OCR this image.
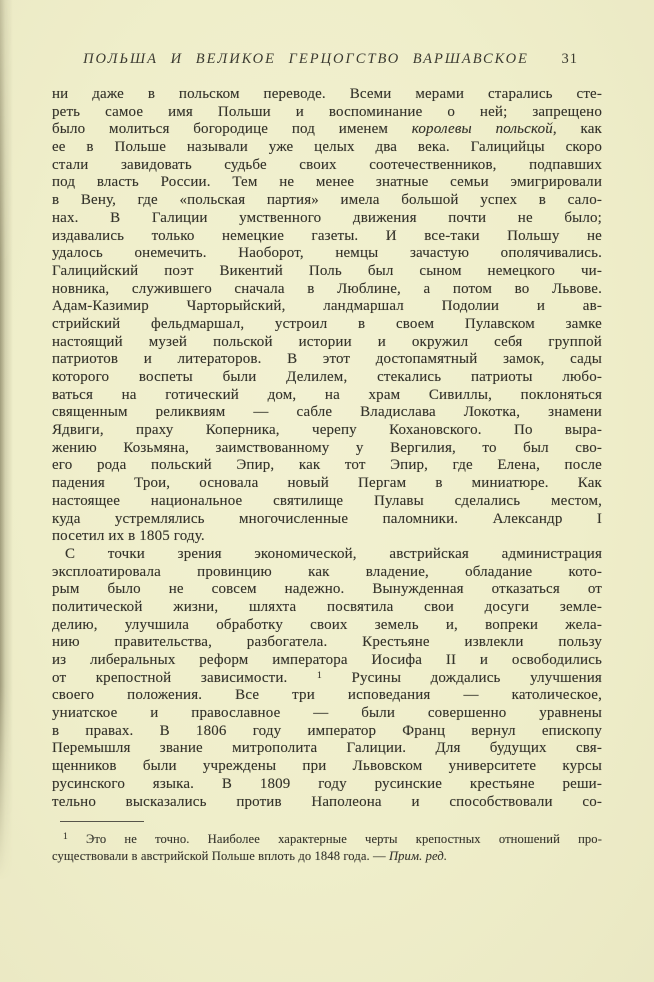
ПОЛЬША И ВЕЛИКОЕ ГЕРЦОГСТВО ВАРШАВСКОЕ	31
ни даже в польском переводе. Всеми мерами старались сте-
реть самое имя Польши и воспоминание о ней; запрещено
было молиться богородице под именем королевы польской, как
ее в Польше называли уже целых два века. Галицийцы скоро
стали завидовать судьбе своих соотечественников, подпавших
под власть России. Тем не менее знатные семьи эмигрировали
в Вену, где «польская партия» имела большой успех в сало-
нах. В Галиции умственного движения почти не было;
издавались только немецкие газеты. И все-таки Польшу не
удалось онемечить. Наоборот, немцы зачастую ополячивались.
Галицийский поэт Викентий Поль был сыном немецкого чи-
новника, служившего сначала в Люблине, а потом во Львове.
Адам-Казимир Чарторыйский, ландмаршал Подолии и ав-
стрийский фельдмаршал, устроил в своем Пулавском замке
настоящий музей польской истории и окружил себя группой
патриотов и литераторов. В этот достопамятный замок, сады
которого воспеты были Делилем, стекались патриоты любо-
ваться на готический дом, на храм Сивиллы, поклоняться
священным реликвиям — сабле Владислава Локотка, знамени
Ядвиги, праху Коперника, черепу Кохановского. По выра-
жению Козьмяна, заимствованному у Вергилия, то был сво-
его рода польский Эпир, как тот Эпир, где Елена, после
падения Трои, основала новый Пергам в миниатюре. Как
настоящее национальное святилище Пулавы сделались местом,
куда устремлялись многочисленные паломники. Александр I
посетил их в 1805 году.
С точки зрения экономической, австрийская администрация
эксплоатировала провинцию как владение, обладание кото-
рым было не совсем надежно. Вынужденная отказаться от
политической жизни, шляхта посвятила свои досуги земле-
делию, улучшила обработку своих земель и, вопреки жела-
нию правительства, разбогатела. Крестьяне извлекли пользу
из либеральных реформ императора Иосифа II и освободились
от крепостной зависимости. $^1$ Русины дождались улучшения
своего положения. Все три исповедания — католическое,
униатское и православное — были совершенно уравнены
в правах. В 1806 году император Франц вернул епископу
Перемышля звание митрополита Галиции. Для будущих свя-
щенников были учреждены при Львовском университете курсы
русинского языка. В 1809 году русинские крестьяне реши-
тельно высказались против Наполеона и способствовали со-
$^1$ Это не точно. Наиболее характерные черты крепостных отношений про-
существовали в австрийской Польше вплоть до 1848 года. — Прим. ред.
